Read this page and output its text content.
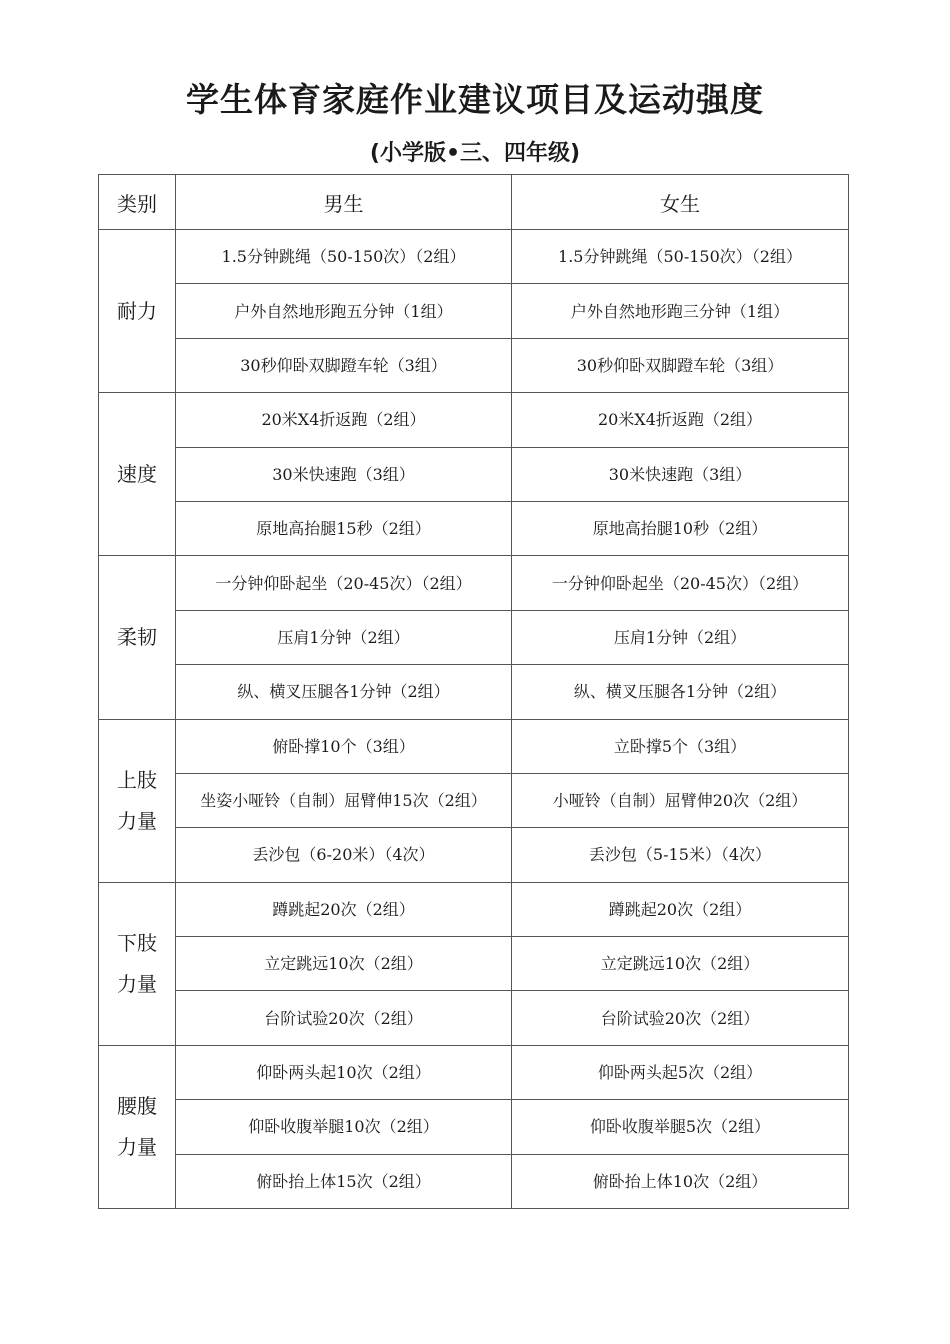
学生体育家庭作业建议项目及运动强度

(小学版•三、四年级)

类别	男生	女生

耐力	1.5分钟跳绳（50-150次）（2组）	1.5分钟跳绳（50-150次）（2组）
	户外自然地形跑五分钟（1组）	户外自然地形跑三分钟（1组）
	30秒仰卧双脚蹬车轮（3组）	30秒仰卧双脚蹬车轮（3组）

速度	20米X4折返跑（2组）	20米X4折返跑（2组）
	30米快速跑（3组）	30米快速跑（3组）
	原地高抬腿15秒（2组）	原地高抬腿10秒（2组）

柔韧	一分钟仰卧起坐（20-45次）（2组）	一分钟仰卧起坐（20-45次）（2组）
	压肩1分钟（2组）	压肩1分钟（2组）
	纵、横叉压腿各1分钟（2组）	纵、横叉压腿各1分钟（2组）

上肢
力量	俯卧撑10个（3组）	立卧撑5个（3组）
	坐姿小哑铃（自制）屈臂伸15次（2组）	小哑铃（自制）屈臂伸20次（2组）
	丢沙包（6-20米）（4次）	丢沙包（5-15米）（4次）

下肢
力量	蹲跳起20次（2组）	蹲跳起20次（2组）
	立定跳远10次（2组）	立定跳远10次（2组）
	台阶试验20次（2组）	台阶试验20次（2组）

腰腹
力量	仰卧两头起10次（2组）	仰卧两头起5次（2组）
	仰卧收腹举腿10次（2组）	仰卧收腹举腿5次（2组）
	俯卧抬上体15次（2组）	俯卧抬上体10次（2组）
